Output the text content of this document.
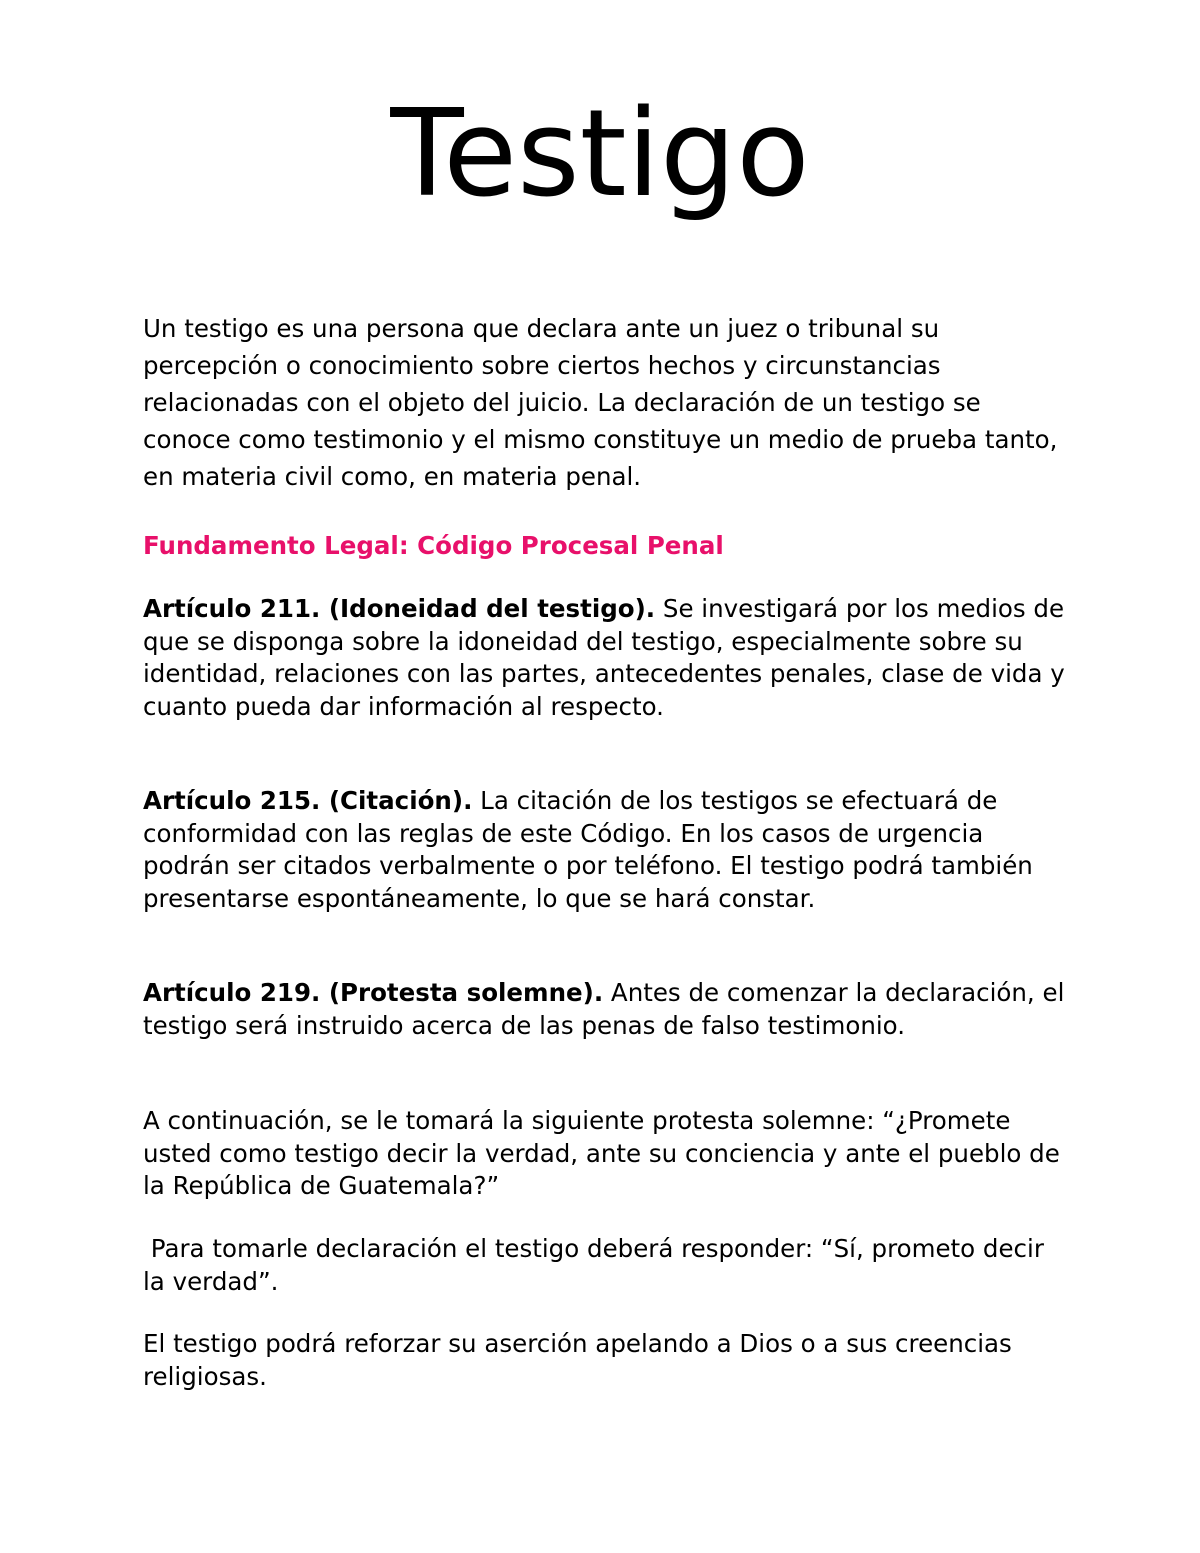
Testigo

Un testigo es una persona que declara ante un juez o tribunal su percepción o conocimiento sobre ciertos hechos y circunstancias relacionadas con el objeto del juicio. La declaración de un testigo se conoce como testimonio y el mismo constituye un medio de prueba tanto, en materia civil como, en materia penal.

Fundamento Legal: Código Procesal Penal

Artículo 211. (Idoneidad del testigo). Se investigará por los medios de que se disponga sobre la idoneidad del testigo, especialmente sobre su identidad, relaciones con las partes, antecedentes penales, clase de vida y cuanto pueda dar información al respecto.

Artículo 215. (Citación). La citación de los testigos se efectuará de conformidad con las reglas de este Código. En los casos de urgencia podrán ser citados verbalmente o por teléfono. El testigo podrá también presentarse espontáneamente, lo que se hará constar.

Artículo 219. (Protesta solemne). Antes de comenzar la declaración, el testigo será instruido acerca de las penas de falso testimonio.

A continuación, se le tomará la siguiente protesta solemne: “¿Promete usted como testigo decir la verdad, ante su conciencia y ante el pueblo de la República de Guatemala?”

Para tomarle declaración el testigo deberá responder: “Sí, prometo decir la verdad”.

El testigo podrá reforzar su aserción apelando a Dios o a sus creencias religiosas.
